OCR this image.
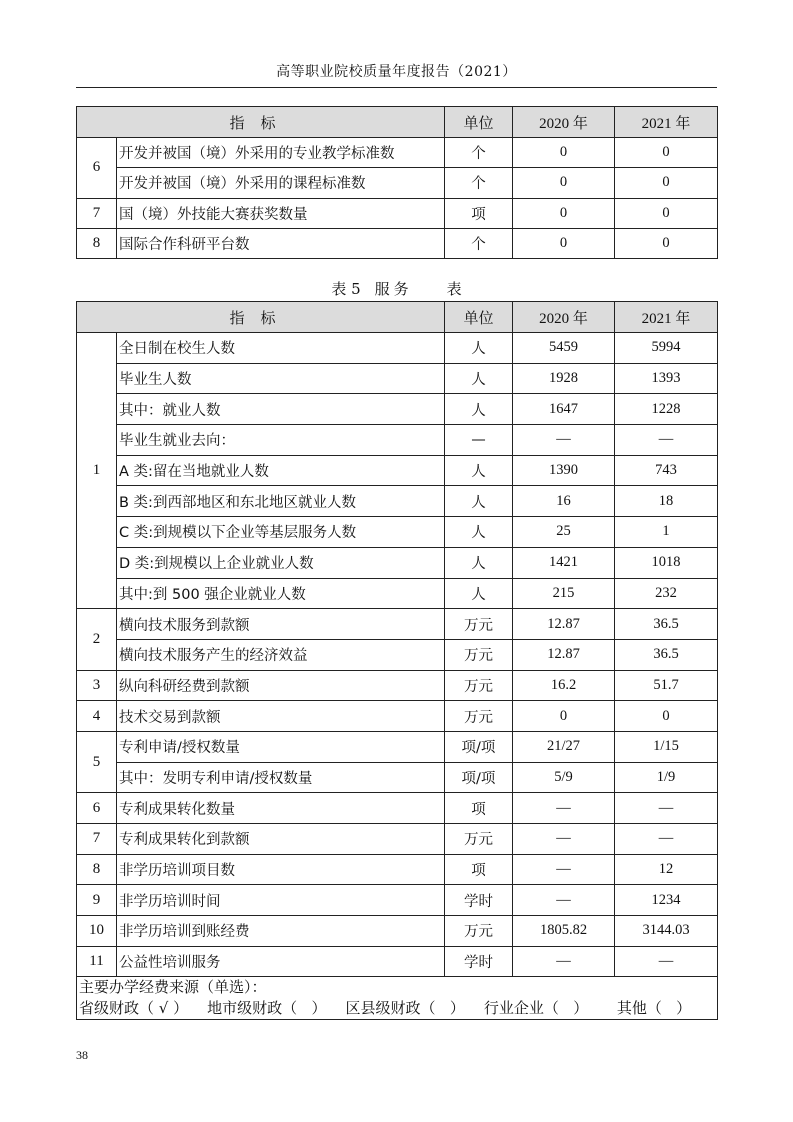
高等职业院校质量年度报告（2021）
指标		单位	2020 年	2021 年
6	开发并被国（境）外采用的专业教学标准数	个	0	0
	开发并被国（境）外采用的课程标准数	个	0	0
7	国（境）外技能大赛获奖数量	项	0	0
8	国际合作科研平台数	个	0	0
表 5 服务 表
指标		单位	2020 年	2021 年
1	全日制在校生人数	人	5459	5994
	毕业生人数	人	1928	1393
	其中：就业人数	人	1647	1228
	毕业生就业去向：	—	—	—
	A 类:留在当地就业人数	人	1390	743
	B 类:到西部地区和东北地区就业人数	人	16	18
	C 类:到规模以下企业等基层服务人数	人	25	1
	D 类:到规模以上企业就业人数	人	1421	1018
	其中:到 500 强企业就业人数	人	215	232
2	横向技术服务到款额	万元	12.87	36.5
	横向技术服务产生的经济效益	万元	12.87	36.5
3	纵向科研经费到款额	万元	16.2	51.7
4	技术交易到款额	万元	0	0
5	专利申请/授权数量	项/项	21/27	1/15
	其中：发明专利申请/授权数量	项/项	5/9	1/9
6	专利成果转化数量	项	—	—
7	专利成果转化到款额	万元	—	—
8	非学历培训项目数	项	—	12
9	非学历培训时间	学时	—	1234
10	非学历培训到账经费	万元	1805.82	3144.03
11	公益性培训服务	学时	—	—

主要办学经费来源（单选）：
省级财政（ √ ）    地市级财政（   ）    区县级财政（   ）    行业企业（   ）      其他（   ）				
38
